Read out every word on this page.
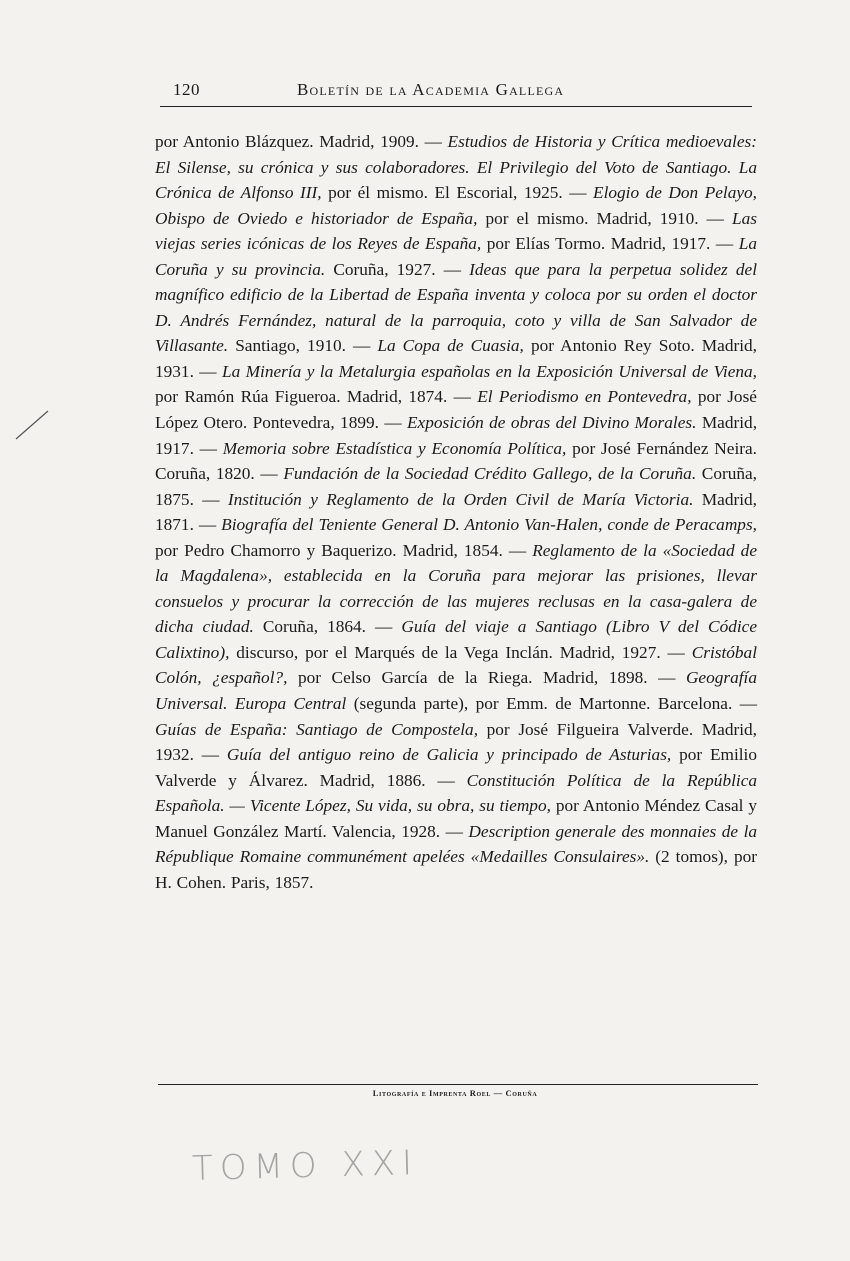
120	Boletín de la Academia Gallega
por Antonio Blázquez. Madrid, 1909. — Estudios de Historia y Crítica medioevales: El Silense, su crónica y sus colaboradores. El Privilegio del Voto de Santiago. La Crónica de Alfonso III, por él mismo. El Escorial, 1925. — Elogio de Don Pelayo, Obispo de Oviedo e historiador de España, por el mismo. Madrid, 1910. — Las viejas series icónicas de los Reyes de España, por Elías Tormo. Madrid, 1917. — La Coruña y su provincia. Coruña, 1927. — Ideas que para la perpetua solidez del magnífico edificio de la Libertad de España inventa y coloca por su orden el doctor D. Andrés Fernández, natural de la parroquia, coto y villa de San Salvador de Villasante. Santiago, 1910. — La Copa de Cuasia, por Antonio Rey Soto. Madrid, 1931. — La Minería y la Metalurgia españolas en la Exposición Universal de Viena, por Ramón Rúa Figueroa. Madrid, 1874. — El Periodismo en Pontevedra, por José López Otero. Pontevedra, 1899. — Exposición de obras del Divino Morales. Madrid, 1917. — Memoria sobre Estadística y Economía Política, por José Fernández Neira. Coruña, 1820. — Fundación de la Sociedad Crédito Gallego, de la Coruña. Coruña, 1875. — Institución y Reglamento de la Orden Civil de María Victoria. Madrid, 1871. — Biografía del Teniente General D. Antonio Van-Halen, conde de Peracamps, por Pedro Chamorro y Baquerizo. Madrid, 1854. — Reglamento de la «Sociedad de la Magdalena», establecida en la Coruña para mejorar las prisiones, llevar consuelos y procurar la corrección de las mujeres reclusas en la casa-galera de dicha ciudad. Coruña, 1864. — Guía del viaje a Santiago (Libro V del Códice Calixtino), discurso, por el Marqués de la Vega Inclán. Madrid, 1927. — Cristóbal Colón, ¿español?, por Celso García de la Riega. Madrid, 1898. — Geografía Universal. Europa Central (segunda parte), por Emm. de Martonne. Barcelona. — Guías de España: Santiago de Compostela, por José Filgueira Valverde. Madrid, 1932. — Guía del antiguo reino de Galicia y principado de Asturias, por Emilio Valverde y Álvarez. Madrid, 1886. — Constitución Política de la República Española. — Vicente López, Su vida, su obra, su tiempo, por Antonio Méndez Casal y Manuel González Martí. Valencia, 1928. — Description generale des monnaies de la République Romaine communément apelées «Medailles Consulaires». (2 tomos), por H. Cohen. Paris, 1857.
Litografía e Imprenta Roel — Coruña
TOMO XXI
